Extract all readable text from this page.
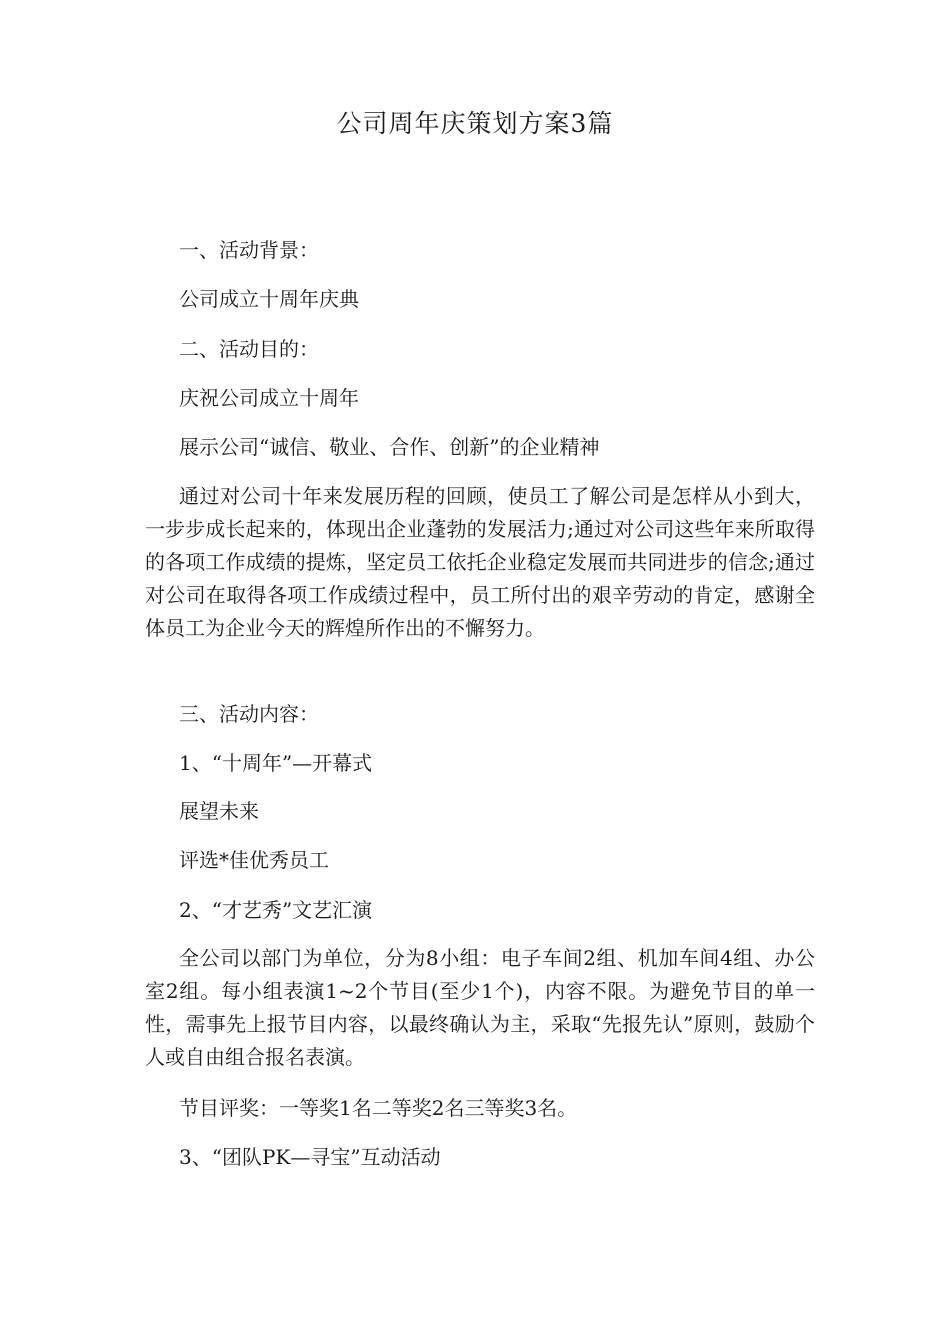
公司周年庆策划方案3篇
一、活动背景：
公司成立十周年庆典
二、活动目的：
庆祝公司成立十周年
展示公司“诚信、敬业、合作、创新”的企业精神
通过对公司十年来发展历程的回顾，使员工了解公司是怎样从小到大，一步步成长起来的，体现出企业蓬勃的发展活力;通过对公司这些年来所取得的各项工作成绩的提炼，坚定员工依托企业稳定发展而共同进步的信念;通过对公司在取得各项工作成绩过程中，员工所付出的艰辛劳动的肯定，感谢全体员工为企业今天的辉煌所作出的不懈努力。
三、活动内容：
1、“十周年”—开幕式
展望未来
评选*佳优秀员工
2、“才艺秀”文艺汇演
全公司以部门为单位，分为8小组：电子车间2组、机加车间4组、办公室2组。每小组表演1~2个节目(至少1个)，内容不限。为避免节目的单一性，需事先上报节目内容，以最终确认为主，采取“先报先认”原则，鼓励个人或自由组合报名表演。
节目评奖：一等奖1名二等奖2名三等奖3名。
3、“团队PK—寻宝”互动活动
